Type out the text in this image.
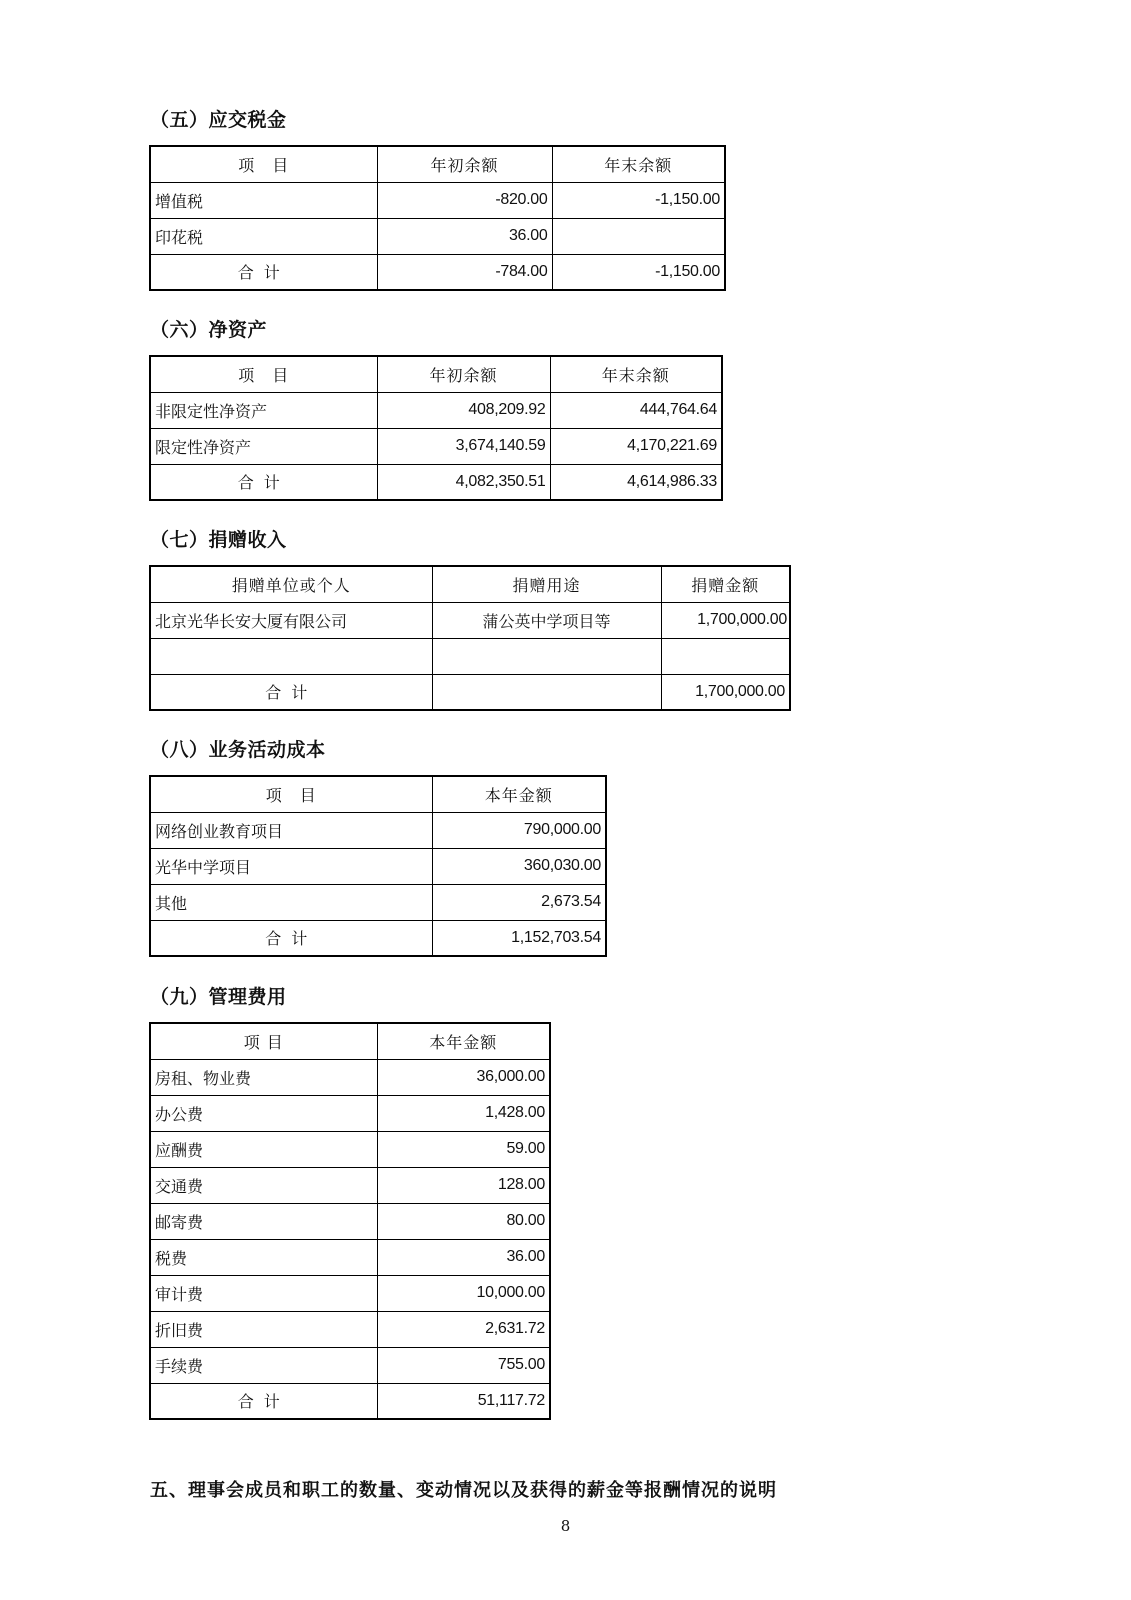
（五）应交税金
项　目	年初余额	年末余额
增值税	-820.00	-1,150.00
印花税	36.00	
合计	-784.00	-1,150.00
（六）净资产
项　目	年初余额	年末余额
非限定性净资产	408,209.92	444,764.64
限定性净资产	3,674,140.59	4,170,221.69
合计	4,082,350.51	4,614,986.33
（七）捐赠收入
捐赠单位或个人	捐赠用途	捐赠金额
北京光华长安大厦有限公司	蒲公英中学项目等	1,700,000.00

合计		1,700,000.00
（八）业务活动成本
项　目	本年金额
网络创业教育项目	790,000.00
光华中学项目	360,030.00
其他	2,673.54
合计	1,152,703.54
（九）管理费用
项 目	本年金额
房租、物业费	36,000.00
办公费	1,428.00
应酬费	59.00
交通费	128.00
邮寄费	80.00
税费	36.00
审计费	10,000.00
折旧费	2,631.72
手续费	755.00
合计	51,117.72
五、理事会成员和职工的数量、变动情况以及获得的薪金等报酬情况的说明
8
